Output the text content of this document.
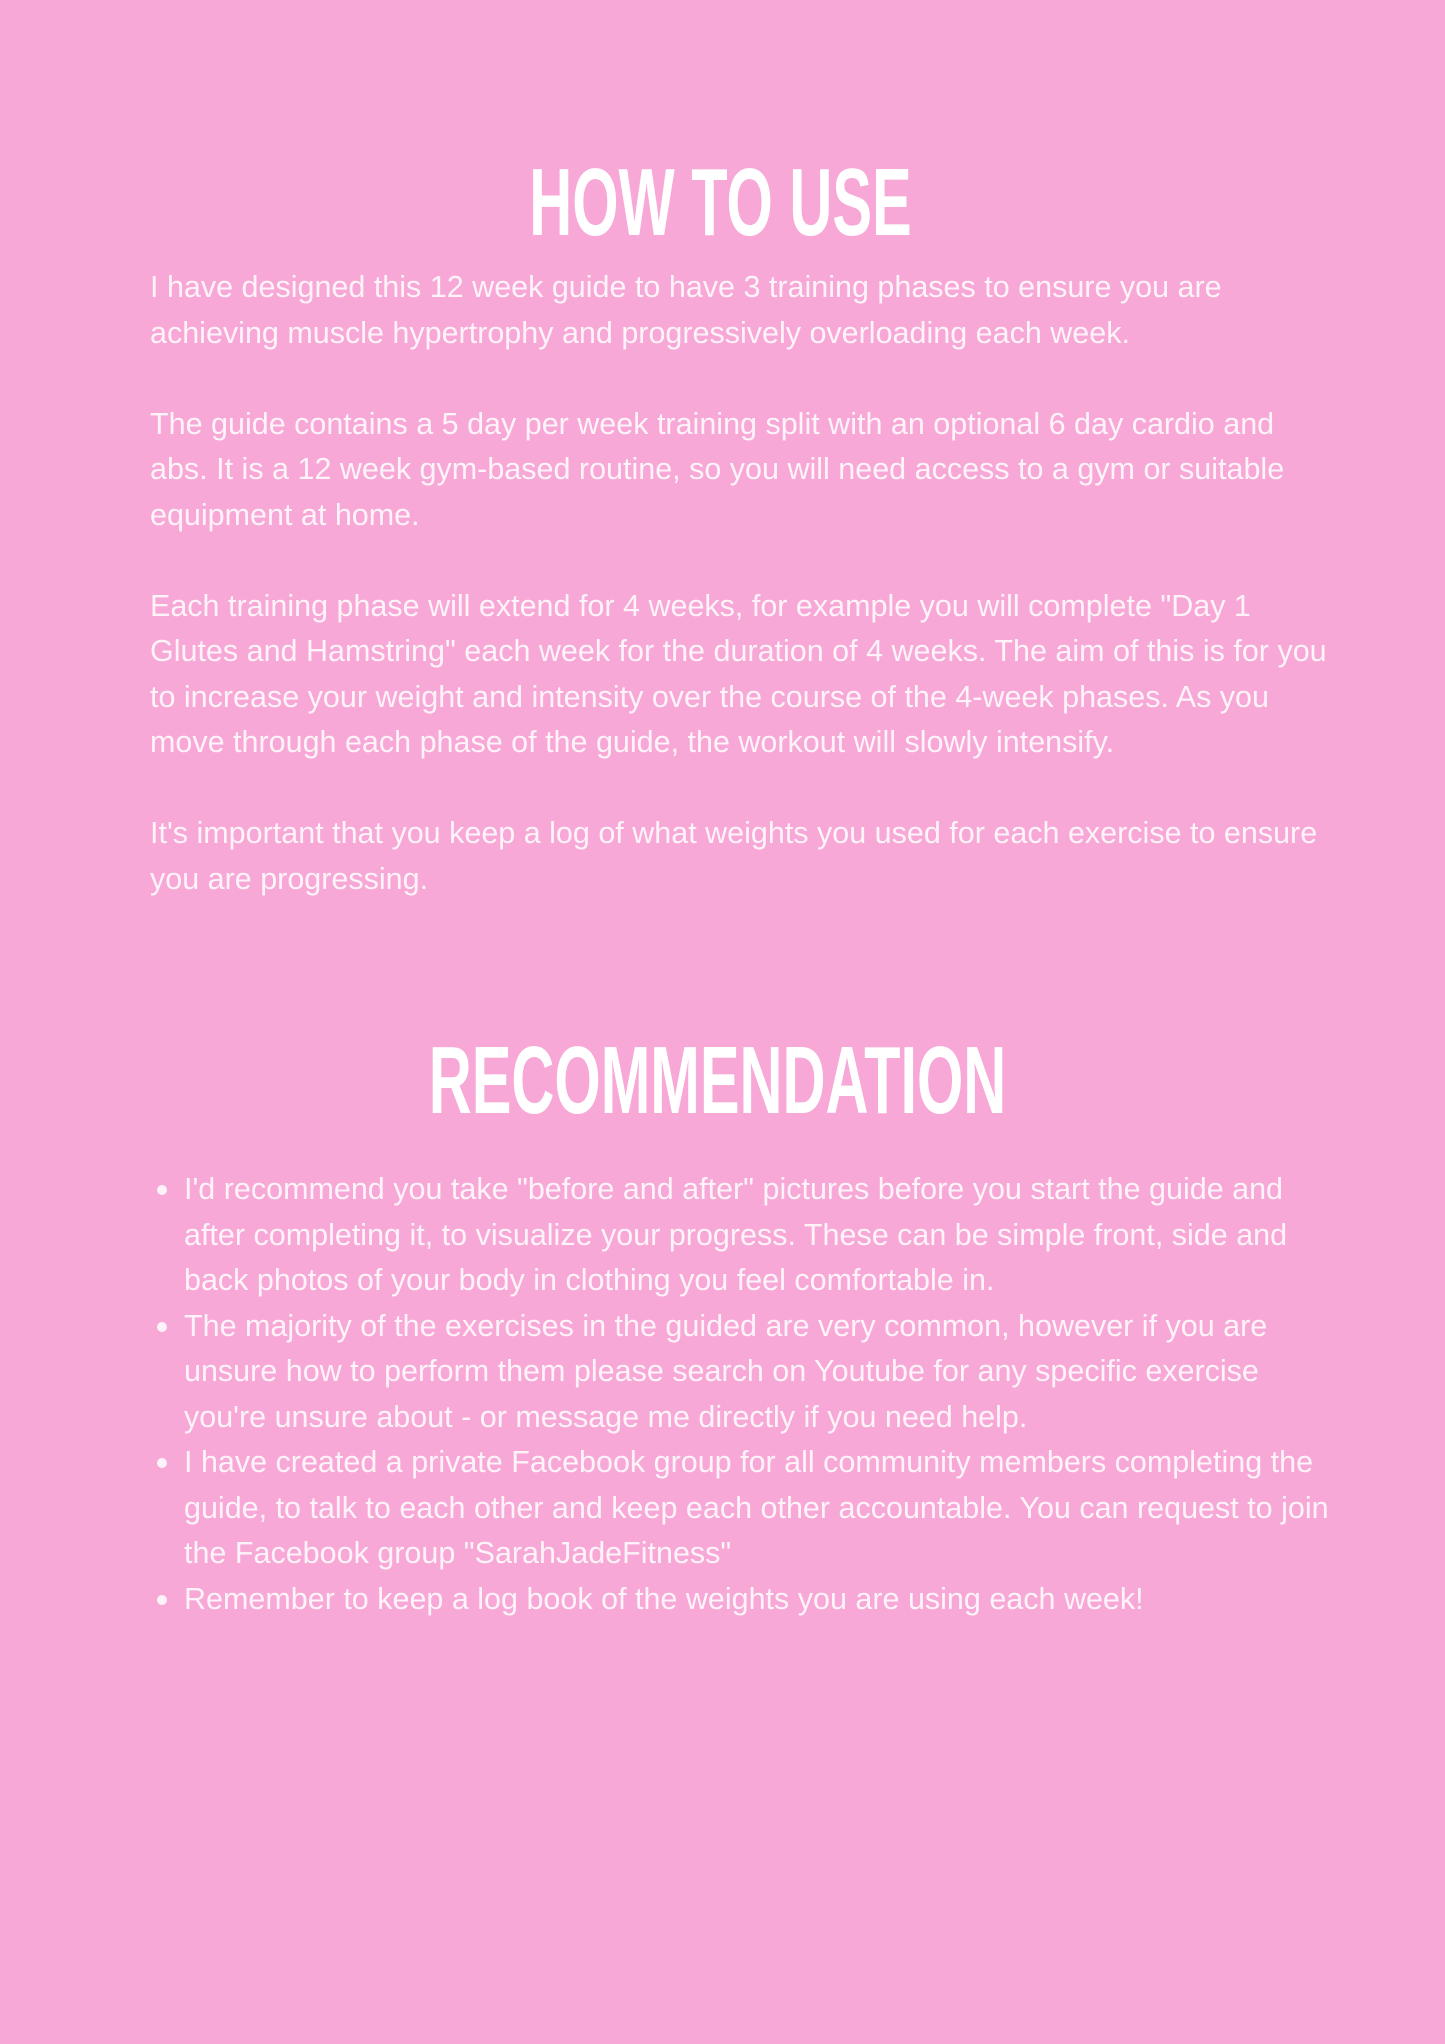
HOW TO USE

I have designed this 12 week guide to have 3 training phases to ensure you are achieving muscle hypertrophy and progressively overloading each week.

The guide contains a 5 day per week training split with an optional 6 day cardio and abs. It is a 12 week gym-based routine, so you will need access to a gym or suitable equipment at home.

Each training phase will extend for 4 weeks, for example you will complete "Day 1 Glutes and Hamstring" each week for the duration of 4 weeks. The aim of this is for you to increase your weight and intensity over the course of the 4-week phases. As you move through each phase of the guide, the workout will slowly intensify.

It's important that you keep a log of what weights you used for each exercise to ensure you are progressing.

RECOMMENDATION
I'd recommend you take "before and after" pictures before you start the guide and after completing it, to visualize your progress. These can be simple front, side and back photos of your body in clothing you feel comfortable in.
The majority of the exercises in the guided are very common, however if you are unsure how to perform them please search on Youtube for any specific exercise you're unsure about - or message me directly if you need help.
I have created a private Facebook group for all community members completing the guide, to talk to each other and keep each other accountable. You can request to join the Facebook group "SarahJadeFitness"
Remember to keep a log book of the weights you are using each week!
